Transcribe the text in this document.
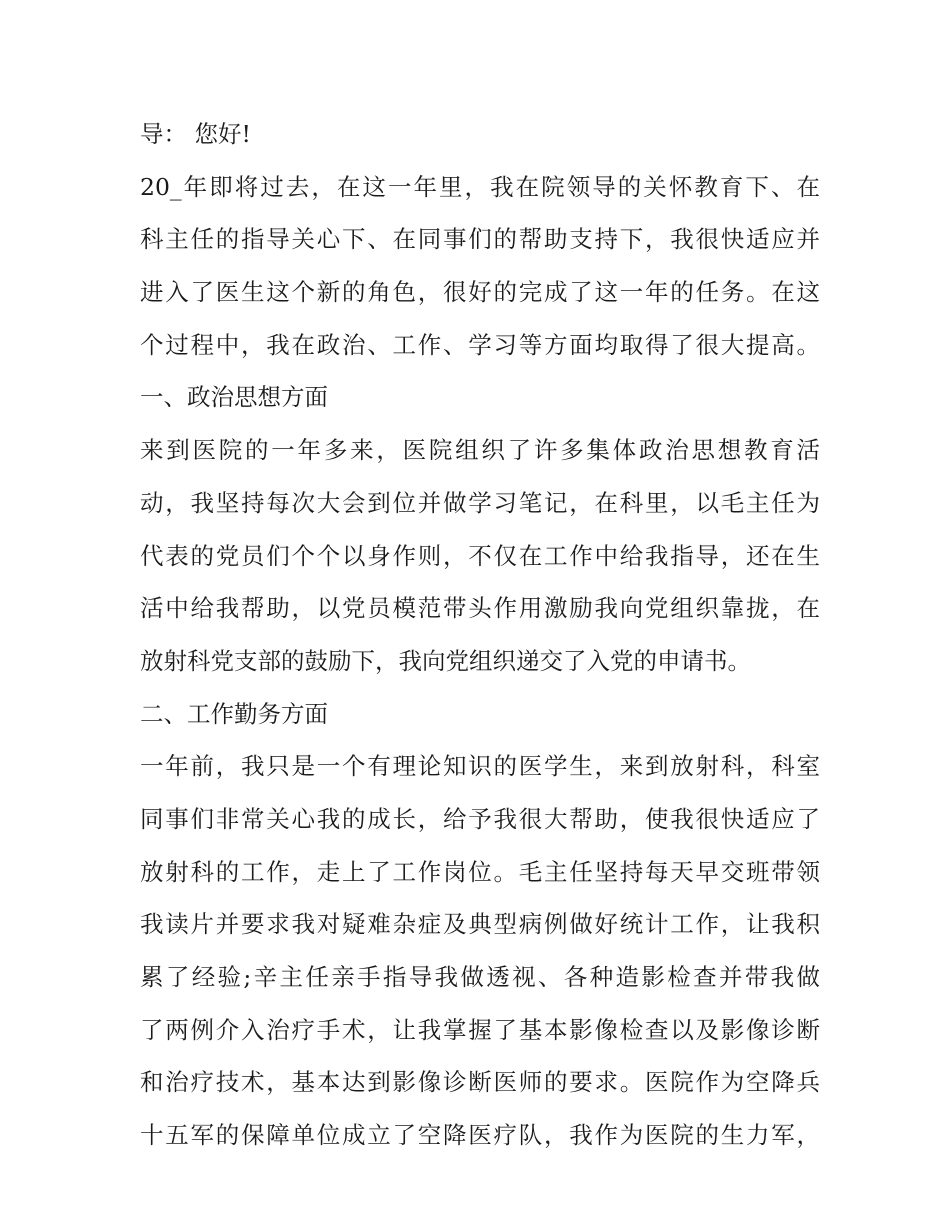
导： 您好!
20_年即将过去，在这一年里，我在院领导的关怀教育下、在
科主任的指导关心下、在同事们的帮助支持下，我很快适应并
进入了医生这个新的角色，很好的完成了这一年的任务。在这
个过程中，我在政治、工作、学习等方面均取得了很大提高。
一、政治思想方面
来到医院的一年多来，医院组织了许多集体政治思想教育活
动，我坚持每次大会到位并做学习笔记，在科里，以毛主任为
代表的党员们个个以身作则，不仅在工作中给我指导，还在生
活中给我帮助，以党员模范带头作用激励我向党组织靠拢，在
放射科党支部的鼓励下，我向党组织递交了入党的申请书。
二、工作勤务方面
一年前，我只是一个有理论知识的医学生，来到放射科，科室
同事们非常关心我的成长，给予我很大帮助，使我很快适应了
放射科的工作，走上了工作岗位。毛主任坚持每天早交班带领
我读片并要求我对疑难杂症及典型病例做好统计工作，让我积
累了经验;辛主任亲手指导我做透视、各种造影检查并带我做
了两例介入治疗手术，让我掌握了基本影像检查以及影像诊断
和治疗技术，基本达到影像诊断医师的要求。医院作为空降兵
十五军的保障单位成立了空降医疗队，我作为医院的生力军，
